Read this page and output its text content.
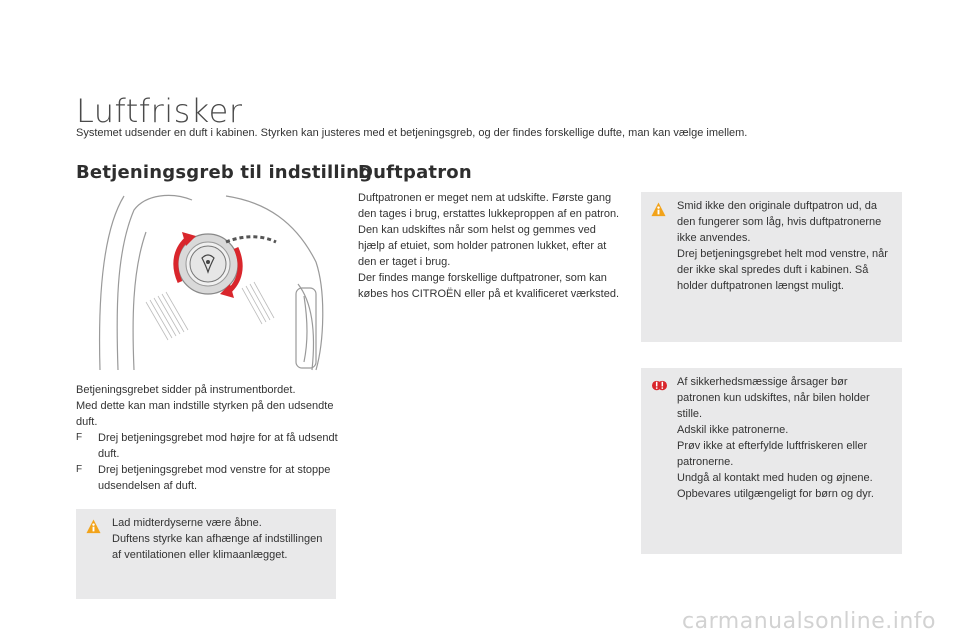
Luftfrisker
Systemet udsender en duft i kabinen. Styrken kan justeres med et betjeningsgreb, og der findes forskellige dufte, man kan vælge imellem.
Betjeningsgreb til indstilling
Duftpatron

Betjeningsgrebet sidder på instrumentbordet.

Med dette kan man indstille styrken på den udsendte duft.

F	Drej betjeningsgrebet mod højre for at få udsendt duft.
F	Drej betjeningsgrebet mod venstre for at stoppe udsendelsen af duft.

Lad midterdyserne være åbne.

Duftens styrke kan afhænge af indstillingen af ventilationen eller klimaanlægget.

Duftpatronen er meget nem at udskifte. Første gang den tages i brug, erstattes lukkeproppen af en patron.

Den kan udskiftes når som helst og gemmes ved hjælp af etuiet, som holder patronen lukket, efter at den er taget i brug.

Der findes mange forskellige duftpatroner, som kan købes hos CITROËN eller på et kvalificeret værksted.

Smid ikke den originale duftpatron ud, da den fungerer som låg, hvis duftpatronerne ikke anvendes.

Drej betjeningsgrebet helt mod venstre, når der ikke skal spredes duft i kabinen. Så holder duftpatronen længst muligt.

Af sikkerhedsmæssige årsager bør patronen kun udskiftes, når bilen holder stille.

Adskil ikke patronerne.

Prøv ikke at efterfylde luftfriskeren eller patronerne.

Undgå al kontakt med huden og øjnene.

Opbevares utilgængeligt for børn og dyr.

carmanualsonline.info
